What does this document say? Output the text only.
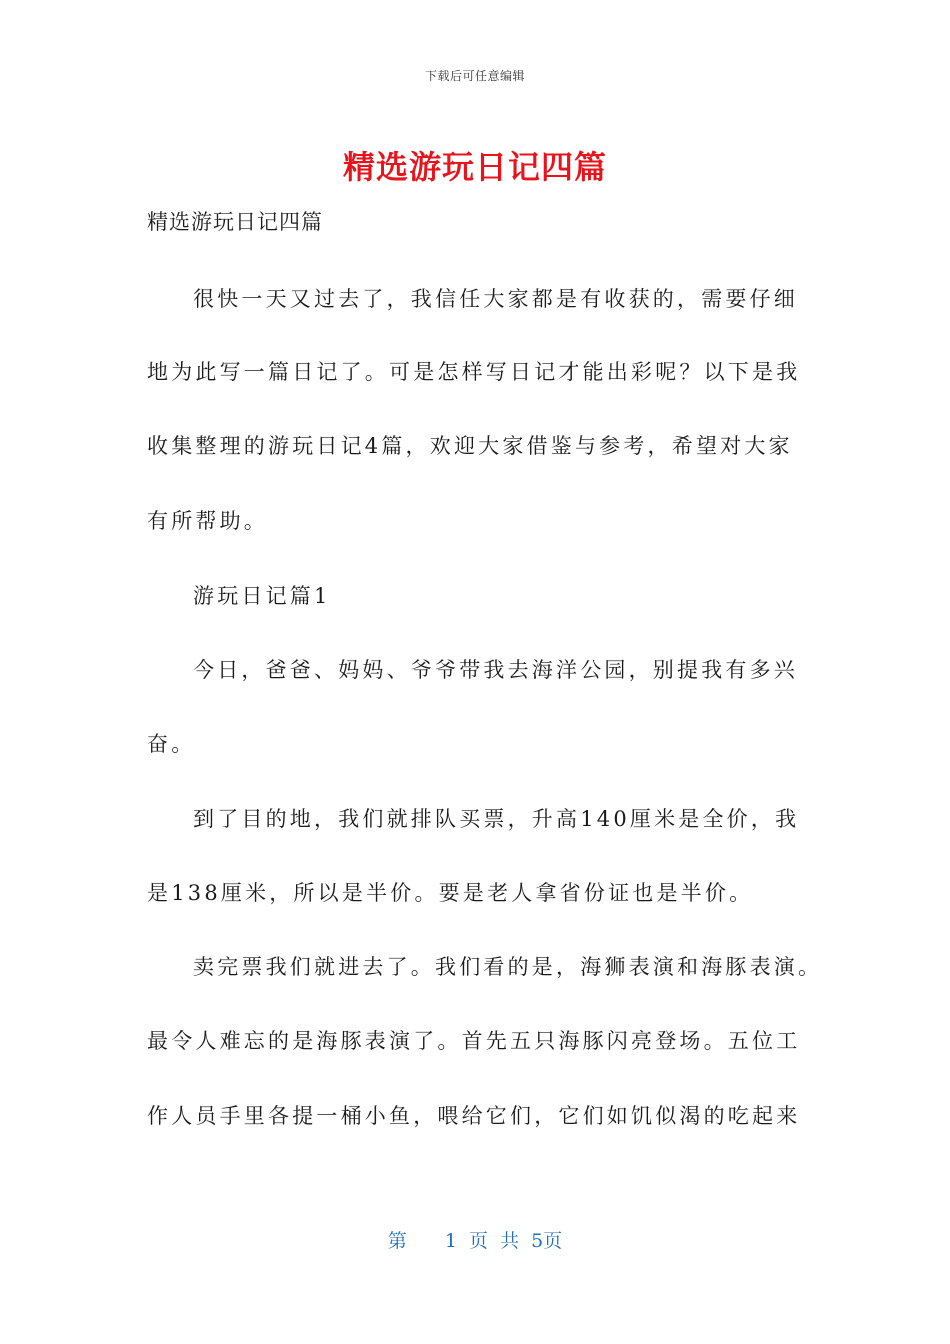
下载后可任意编辑
精选游玩日记四篇
精选游玩日记四篇
很快一天又过去了，我信任大家都是有收获的，需要仔细
地为此写一篇日记了。可是怎样写日记才能出彩呢？以下是我
收集整理的游玩日记4篇，欢迎大家借鉴与参考，希望对大家
有所帮助。
游玩日记篇1
今日，爸爸、妈妈、爷爷带我去海洋公园，别提我有多兴
奋。
到了目的地，我们就排队买票，升高140厘米是全价，我
是138厘米，所以是半价。要是老人拿省份证也是半价。
卖完票我们就进去了。我们看的是，海狮表演和海豚表演。
最令人难忘的是海豚表演了。首先五只海豚闪亮登场。五位工
作人员手里各提一桶小鱼，喂给它们，它们如饥似渴的吃起来
第 1 页 共 5页
